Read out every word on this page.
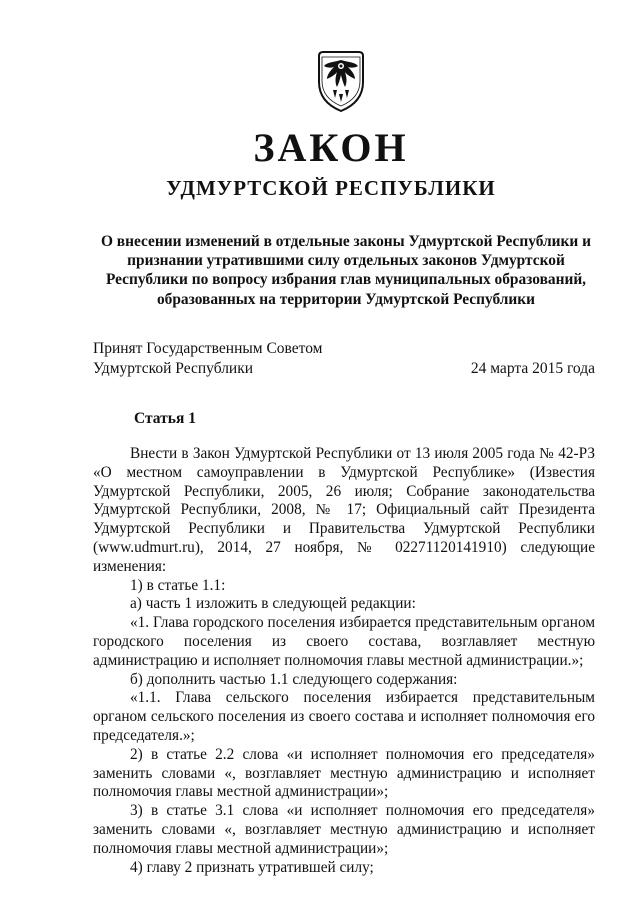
ЗАКОН
УДМУРТСКОЙ РЕСПУБЛИКИ

О внесении изменений в отдельные законы Удмуртской Республики и признании утратившими силу отдельных законов Удмуртской Республики по вопросу избрания глав муниципальных образований, образованных на территории Удмуртской Республики

Принят Государственным Советом
Удмуртской Республики	24 марта 2015 года
Статья 1

Внести в Закон Удмуртской Республики от 13 июля 2005 года № 42-РЗ «О местном самоуправлении в Удмуртской Республике» (Известия Удмуртской Республики, 2005, 26 июля; Собрание законодательства Удмуртской Республики, 2008, № 17; Официальный сайт Президента Удмуртской Республики и Правительства Удмуртской Республики (www.udmurt.ru), 2014, 27 ноября, № 02271120141910) следующие изменения:

1) в статье 1.1:

а) часть 1 изложить в следующей редакции:

«1. Глава городского поселения избирается представительным органом городского поселения из своего состава, возглавляет местную администрацию и исполняет полномочия главы местной администрации.»;

б) дополнить частью 1.1 следующего содержания:

«1.1. Глава сельского поселения избирается представительным органом сельского поселения из своего состава и исполняет полномочия его председателя.»;

2) в статье 2.2 слова «и исполняет полномочия его председателя» заменить словами «, возглавляет местную администрацию и исполняет полномочия главы местной администрации»;

3) в статье 3.1 слова «и исполняет полномочия его председателя» заменить словами «, возглавляет местную администрацию и исполняет полномочия главы местной администрации»;

4) главу 2 признать утратившей силу;
